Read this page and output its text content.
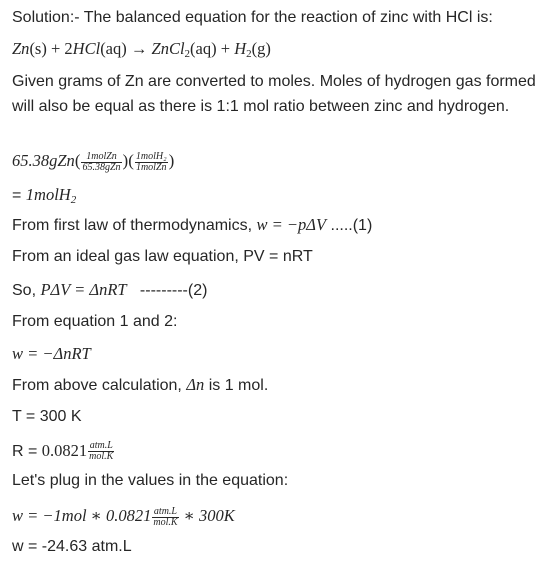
Solution:- The balanced equation for the reaction of zinc with HCl is:
Zn(s) + 2HCl(aq) → ZnCl$_2$(aq) + $H_2(g)$
Given grams of Zn are converted to moles. Moles of hydrogen gas formed will also be equal as there is 1:1 mol ratio between zinc and hydrogen.
$65.38gZn( \frac{\text{1molZn}}{\text{65.38gZn}}$ )( $\frac{\text{1molH₂}}{\text{1molZn}}$ )
= 1molH$_2$
From first law of thermodynamics, w = −pΔV .....(1)
From an ideal gas law equation, PV = nRT
So, PΔV = ΔnRT   ---------(2)
From equation 1 and 2:
w = −ΔnRT
From above calculation, Δn is 1 mol.
T = 300 K
$R = 0.0821 \frac{\text{atm.L}}{\text{mol.K}}$
Let's plug in the values in the equation:
w = −1mol ∗ $0.0821 \frac{\text{atm.L}}{\text{mol.K}}$ ∗ 300K
w = -24.63 atm.L
